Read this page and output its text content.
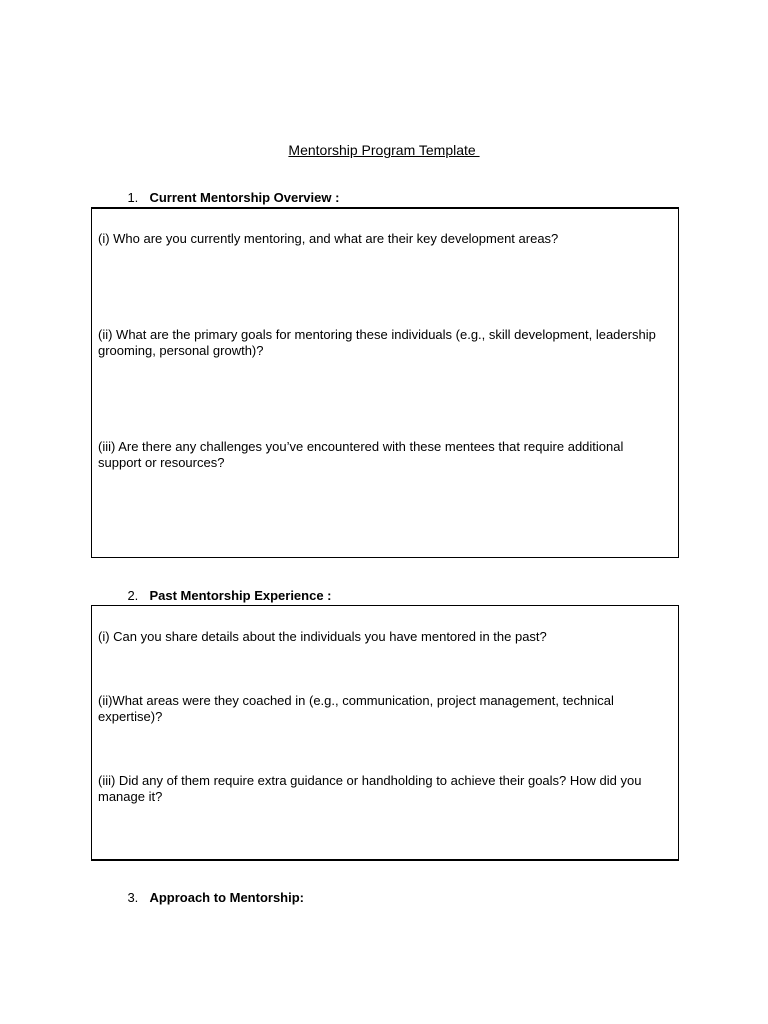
Mentorship Program Template

1. Current Mentorship Overview :

(i) Who are you currently mentoring, and what are their key development areas?
(ii) What are the primary goals for mentoring these individuals (e.g., skill development, leadership grooming, personal growth)?
(iii) Are there any challenges you’ve encountered with these mentees that require additional support or resources?

2. Past Mentorship Experience :

(i) Can you share details about the individuals you have mentored in the past?
(ii)What areas were they coached in (e.g., communication, project management, technical expertise)?
(iii) Did any of them require extra guidance or handholding to achieve their goals? How did you manage it?

3. Approach to Mentorship:
